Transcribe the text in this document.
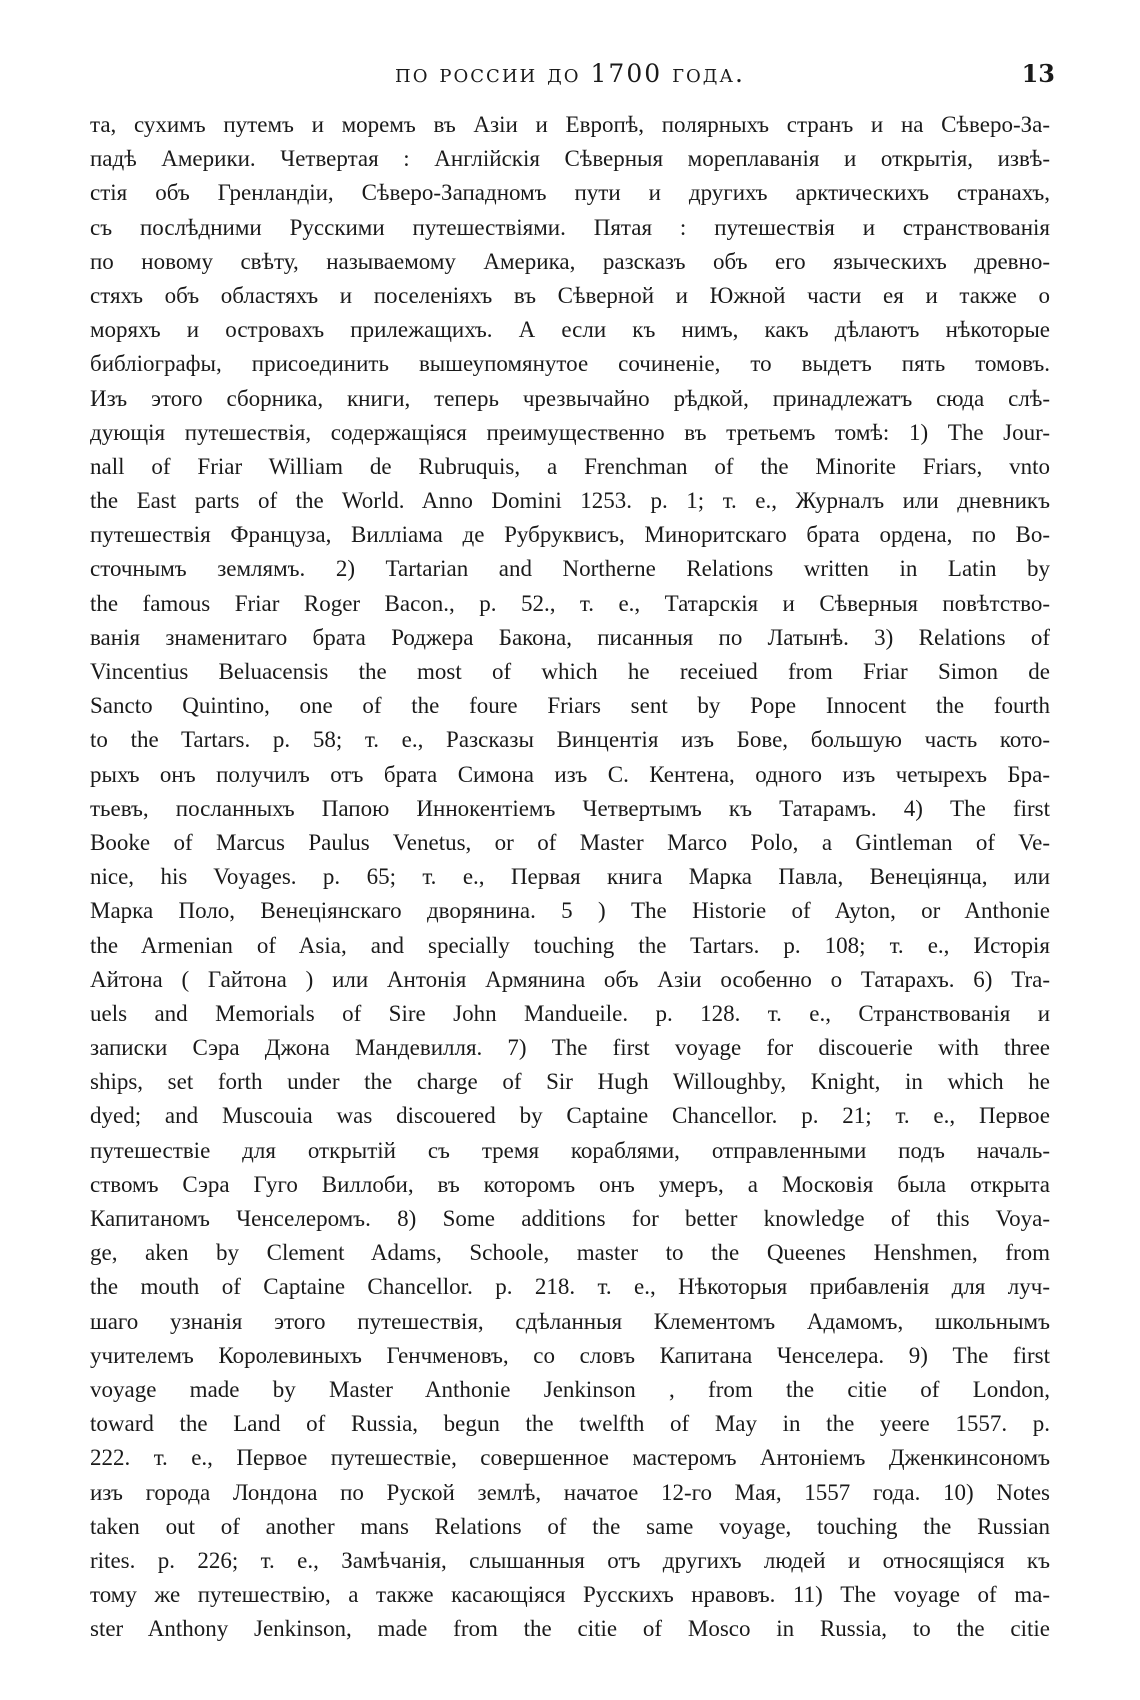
по россии до 1700 года.	13
та, сухимъ путемъ и моремъ въ Азіи и Европѣ, полярныхъ странъ и на Сѣверо-За-
падѣ Америки. Четвертая : Англійскія Сѣверныя мореплаванія и открытія, извѣ-
стія объ Гренландіи, Сѣверо-Западномъ пути и другихъ арктическихъ странахъ,
съ послѣдними Русскими путешествіями. Пятая : путешествія и странствованія
по новому свѣту, называемому Америка, разсказъ объ его языческихъ древно-
стяхъ объ областяхъ и поселеніяхъ въ Сѣверной и Южной части ея и также о
моряхъ и островахъ прилежащихъ. А если къ нимъ, какъ дѣлаютъ нѣкоторые
библіографы, присоединить вышеупомянутое сочиненіе, то выдетъ пять томовъ.
Изъ этого сборника, книги, теперь чрезвычайно рѣдкой, принадлежатъ сюда слѣ-
дующія путешествія, содержащіяся преимущественно въ третьемъ томѣ: 1) The Jour-
nall of Friar William de Rubruquis, a Frenchman of the Minorite Friars, vnto
the East parts of the World. Anno Domini 1253. p. 1; т. е., Журналъ или дневникъ
путешествія Француза, Вилліама де Рубруквисъ, Миноритскаго брата ордена, по Во-
сточнымъ землямъ. 2) Tartarian and Northerne Relations written in Latin by
the famous Friar Roger Bacon., p. 52., т. е., Татарскія и Сѣверныя повѣтство-
ванія знаменитаго брата Роджера Бакона, писанныя по Латынѣ. 3) Relations of
Vincentius Beluacensis the most of which he receiued from Friar Simon de
Sancto Quintino, one of the foure Friars sent by Pope Innocent the fourth
to the Tartars. p. 58; т. е., Разсказы Винцентія изъ Бове, большую часть кото-
рыхъ онъ получилъ отъ брата Симона изъ С. Кентена, одного изъ четырехъ Бра-
тьевъ, посланныхъ Папою Иннокентіемъ Четвертымъ къ Татарамъ. 4) The first
Booke of Marcus Paulus Venetus, or of Master Marco Polo, a Gintleman of Ve-
nice, his Voyages. p. 65; т. е., Первая книга Марка Павла, Венеціянца, или
Марка Поло, Венеціянскаго дворянина. 5 ) The Historie of Ayton, or Anthonie
the Armenian of Asia, and specially touching the Tartars. p. 108; т. е., Исторія
Айтона ( Гайтона ) или Антонія Армянина объ Азіи особенно о Татарахъ. 6) Tra-
uels and Memorials of Sire John Mandueile. p. 128. т. е., Странствованія и
записки Сэра Джона Мандевилля. 7) The first voyage for discouerie with three
ships, set forth under the charge of Sir Hugh Willoughby, Knight, in which he
dyed; and Muscouia was discouered by Captaine Chancellor. p. 21; т. е., Первое
путешествіе для открытій съ тремя кораблями, отправленными подъ началь-
ствомъ Сэра Гуго Виллоби, въ которомъ онъ умеръ, а Московія была открыта
Капитаномъ Ченселеромъ. 8) Some additions for better knowledge of this Voya-
ge, aken by Clement Adams, Schoole, master to the Queenes Henshmen, from
the mouth of Captaine Chancellor. p. 218. т. е., Нѣкоторыя прибавленія для луч-
шаго узнанія этого путешествія, сдѣланныя Клементомъ Адамомъ, школьнымъ
учителемъ Королевиныхъ Генчменовъ, со словъ Капитана Ченселера. 9) The first
voyage made by Master Anthonie Jenkinson , from the citie of London,
toward the Land of Russia, begun the twelfth of May in the yeere 1557. p.
222. т. е., Первое путешествіе, совершенное мастеромъ Антоніемъ Дженкинсономъ
изъ города Лондона по Руской землѣ, начатое 12-го Мая, 1557 года. 10) Notes
taken out of another mans Relations of the same voyage, touching the Russian
rites. p. 226; т. е., Замѣчанія, слышанныя отъ другихъ людей и относящіяся къ
тому же путешествію, а также касающіяся Русскихъ нравовъ. 11) The voyage of ma-
ster Anthony Jenkinson, made from the citie of Mosco in Russia, to the citie
